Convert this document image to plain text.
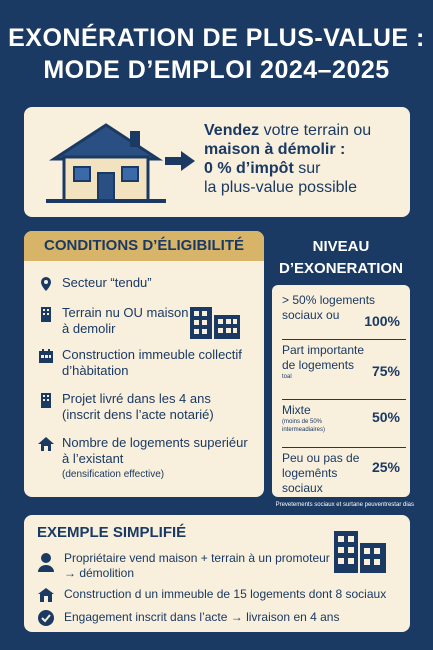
EXONÉRATION DE PLUS-VALUE :
MODE D’EMPLOI 2024–2025
Vendez votre terrain ou
maison à démolir :
0 % d’impôt sur
la plus-value possible
CONDITIONS D’ÉLIGIBILITÉ
Secteur “tendu”
Terrain nu OU maison à demolir
Construction immeuble collectif d’hàbitation
Projet livré dans les 4 ans
(inscrit dens l’acte notarié)
Nombre de logements superiéur à l’existant
(densification effective)
NIVEAU
D’EXONERATION
> 50% logements sociaux ou	100%
Part importante de logements
toal	75%
Mixte
(moins de 50% intermeadiaires)
50%
Peu ou pas de logemênts sociaux
25%
Prevetements sociaux et surtane peuventrestar dias
EXEMPLE SIMPLIFIÉ
Propriétaire vend maison + terrain à un promoteur
→ démolition
Construction d un immeuble de 15 logements dont 8 sociaux
Engagement inscrit dans l’acte → livraison en 4 ans
